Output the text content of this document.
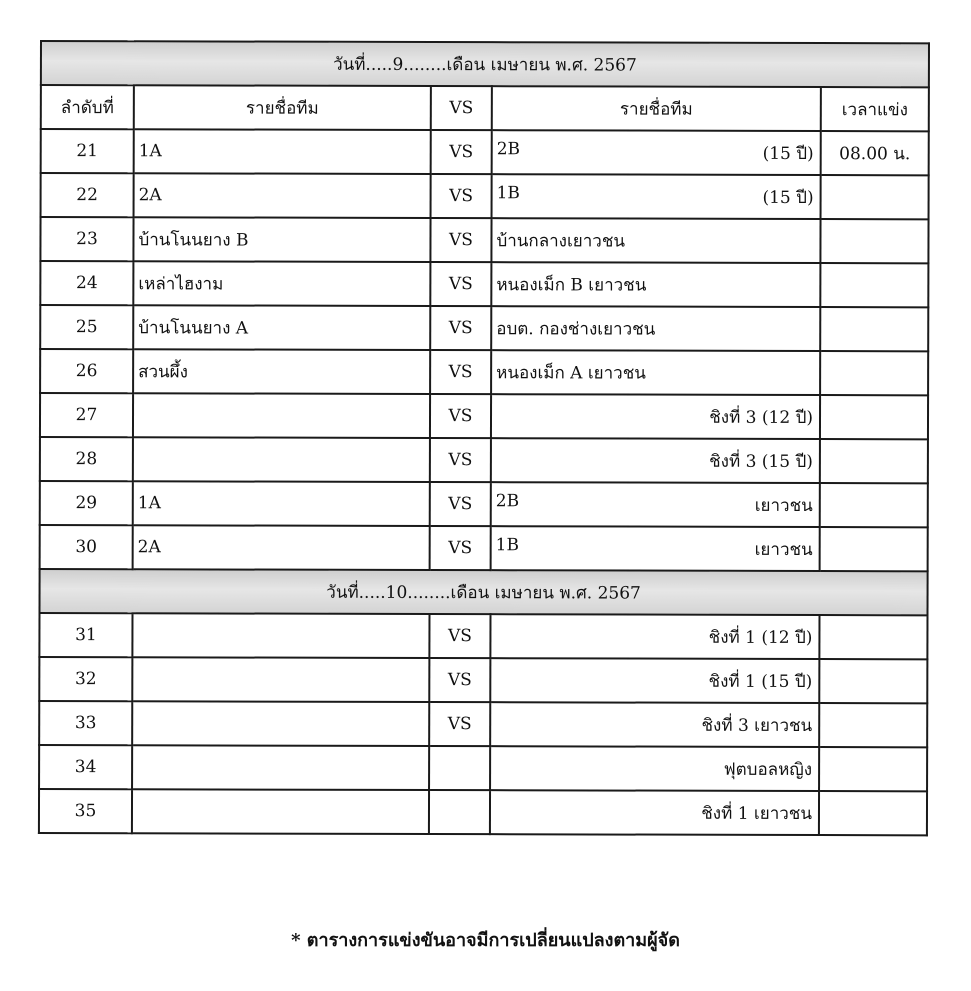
วันที่.....9........เดือน เมษายน พ.ศ. 2567				
ลำดับที่	รายชื่อทีม	VS	รายชื่อทีม	เวลาแข่ง
21	1A	VS	2B (15 ปี)	08.00 น.
22	2A	VS	1B (15 ปี)	

23	บ้านโนนยาง B	VS	บ้านกลางเยาวชน	

24	เหล่าไฮงาม	VS	หนองเม็ก B เยาวชน	

25	บ้านโนนยาง A	VS	อบต. กองช่างเยาวชน	

26	สวนผึ้ง	VS	หนองเม็ก A เยาวชน	

27		VS	ชิงที่ 3 (12 ปี)	

28		VS	ชิงที่ 3 (15 ปี)	

29	1A	VS	2B เยาวชน	

30	2A	VS	1B เยาวชน	

วันที่.....10........เดือน เมษายน พ.ศ. 2567				
31		VS	ชิงที่ 1 (12 ปี)	

32		VS	ชิงที่ 1 (15 ปี)	

33		VS	ชิงที่ 3 เยาวชน	

34			ฟุตบอลหญิง	

35			ชิงที่ 1 เยาวชน	

* ตารางการแข่งขันอาจมีการเปลี่ยนแปลงตามผู้จัด
